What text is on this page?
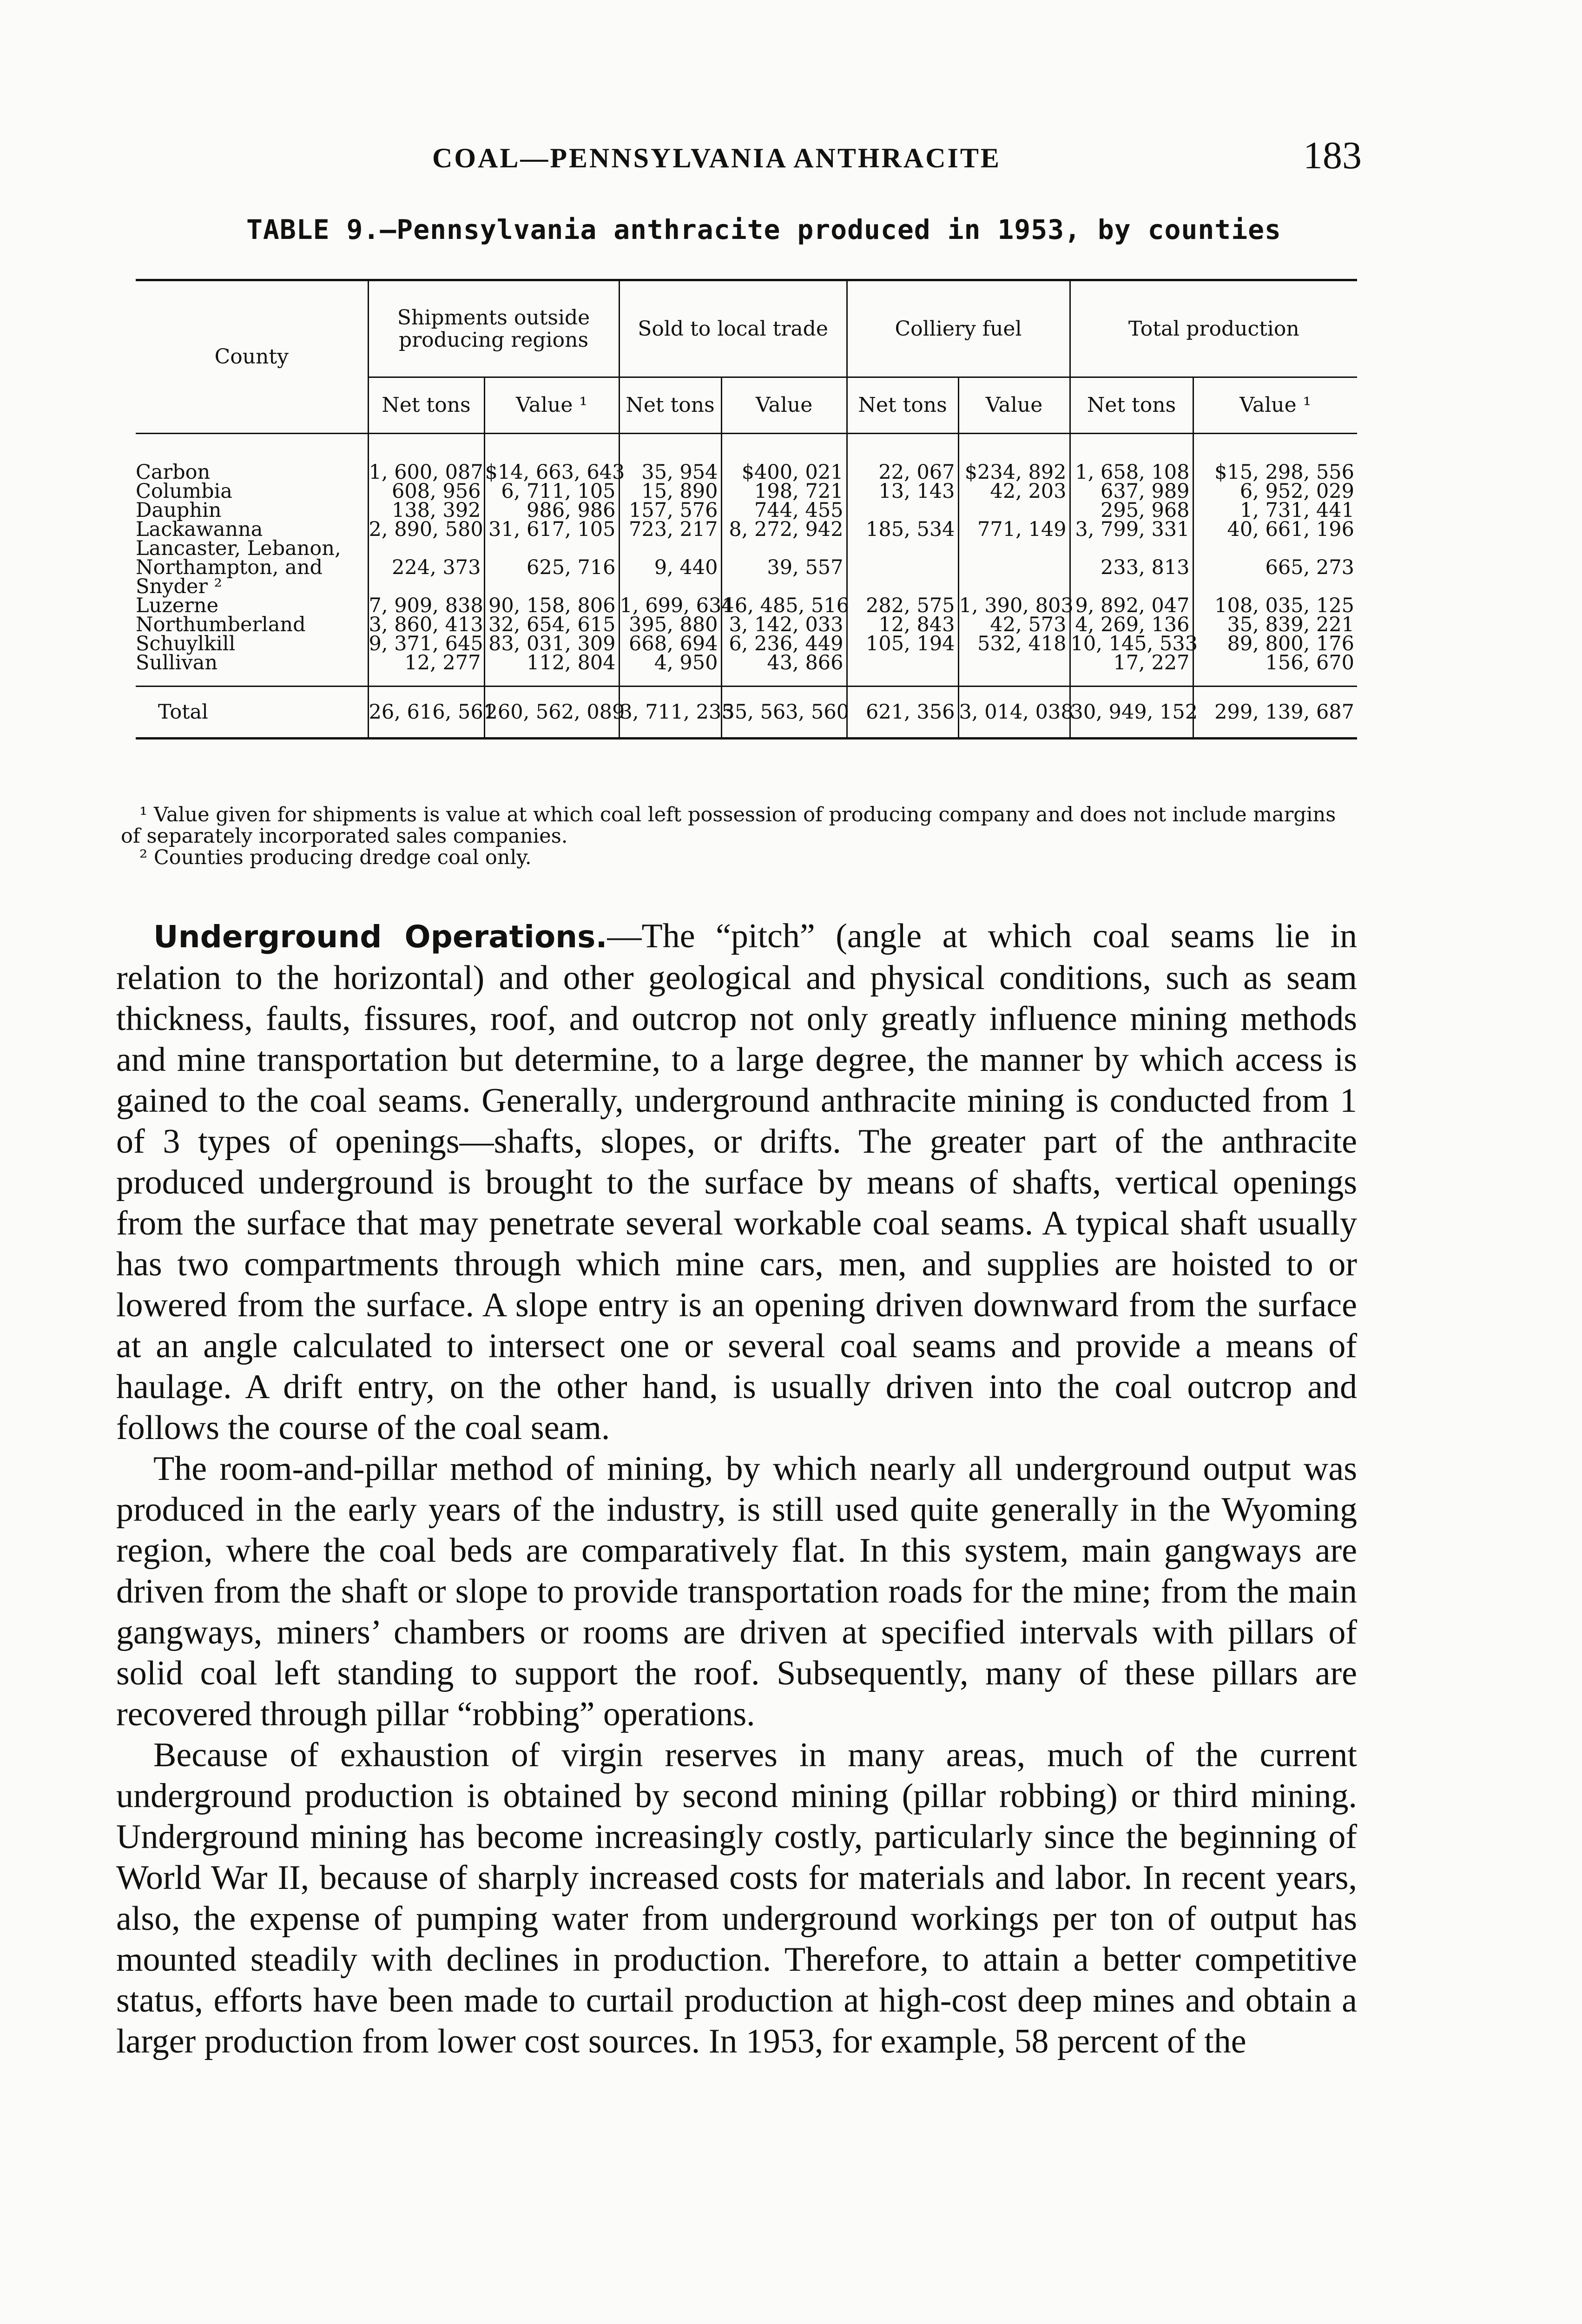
COAL—PENNSYLVANIA ANTHRACITE	183
TABLE 9.—Pennsylvania anthracite produced in 1953, by counties
County	Shipments outside producing regions		Sold to local trade		Colliery fuel		Total production	
	Net tons	Value ¹	Net tons	Value	Net tons	Value	Net tons	Value ¹
Carbon	1, 600, 087	$14, 663, 643	35, 954	$400, 021	22, 067	$234, 892	1, 658, 108	$15, 298, 556
Columbia	608, 956	6, 711, 105	15, 890	198, 721	13, 143	42, 203	637, 989	6, 952, 029
Dauphin	138, 392	986, 986	157, 576	744, 455			295, 968	1, 731, 441
Lackawanna	2, 890, 580	31, 617, 105	723, 217	8, 272, 942	185, 534	771, 149	3, 799, 331	40, 661, 196
Lancaster, Lebanon, Northampton, and Snyder ²	224, 373	625, 716	9, 440	39, 557			233, 813	665, 273
Luzerne	7, 909, 838	90, 158, 806	1, 699, 634	16, 485, 516	282, 575	1, 390, 803	9, 892, 047	108, 035, 125
Northumberland	3, 860, 413	32, 654, 615	395, 880	3, 142, 033	12, 843	42, 573	4, 269, 136	35, 839, 221
Schuylkill	9, 371, 645	83, 031, 309	668, 694	6, 236, 449	105, 194	532, 418	10, 145, 533	89, 800, 176
Sullivan	12, 277	112, 804	4, 950	43, 866			17, 227	156, 670
Total	26, 616, 561	260, 562, 089	3, 711, 235	35, 563, 560	621, 356	3, 014, 038	30, 949, 152	299, 139, 687
¹ Value given for shipments is value at which coal left possession of producing company and does not include margins of separately incorporated sales companies.
² Counties producing dredge coal only.

Underground Operations.—The “pitch” (angle at which coal seams lie in relation to the horizontal) and other geological and physical conditions, such as seam thickness, faults, fissures, roof, and outcrop not only greatly influence mining methods and mine transportation but determine, to a large degree, the manner by which access is gained to the coal seams. Generally, underground anthracite mining is conducted from 1 of 3 types of openings—shafts, slopes, or drifts. The greater part of the anthracite produced underground is brought to the surface by means of shafts, vertical openings from the surface that may penetrate several workable coal seams. A typical shaft usually has two compartments through which mine cars, men, and supplies are hoisted to or lowered from the surface. A slope entry is an opening driven downward from the surface at an angle calculated to intersect one or several coal seams and provide a means of haulage. A drift entry, on the other hand, is usually driven into the coal outcrop and follows the course of the coal seam.

The room-and-pillar method of mining, by which nearly all underground output was produced in the early years of the industry, is still used quite generally in the Wyoming region, where the coal beds are comparatively flat. In this system, main gangways are driven from the shaft or slope to provide transportation roads for the mine; from the main gangways, miners’ chambers or rooms are driven at specified intervals with pillars of solid coal left standing to support the roof. Subsequently, many of these pillars are recovered through pillar “robbing” operations.

Because of exhaustion of virgin reserves in many areas, much of the current underground production is obtained by second mining (pillar robbing) or third mining. Underground mining has become increasingly costly, particularly since the beginning of World War II, because of sharply increased costs for materials and labor. In recent years, also, the expense of pumping water from underground workings per ton of output has mounted steadily with declines in production. Therefore, to attain a better competitive status, efforts have been made to curtail production at high-cost deep mines and obtain a larger production from lower cost sources. In 1953, for example, 58 percent of the
